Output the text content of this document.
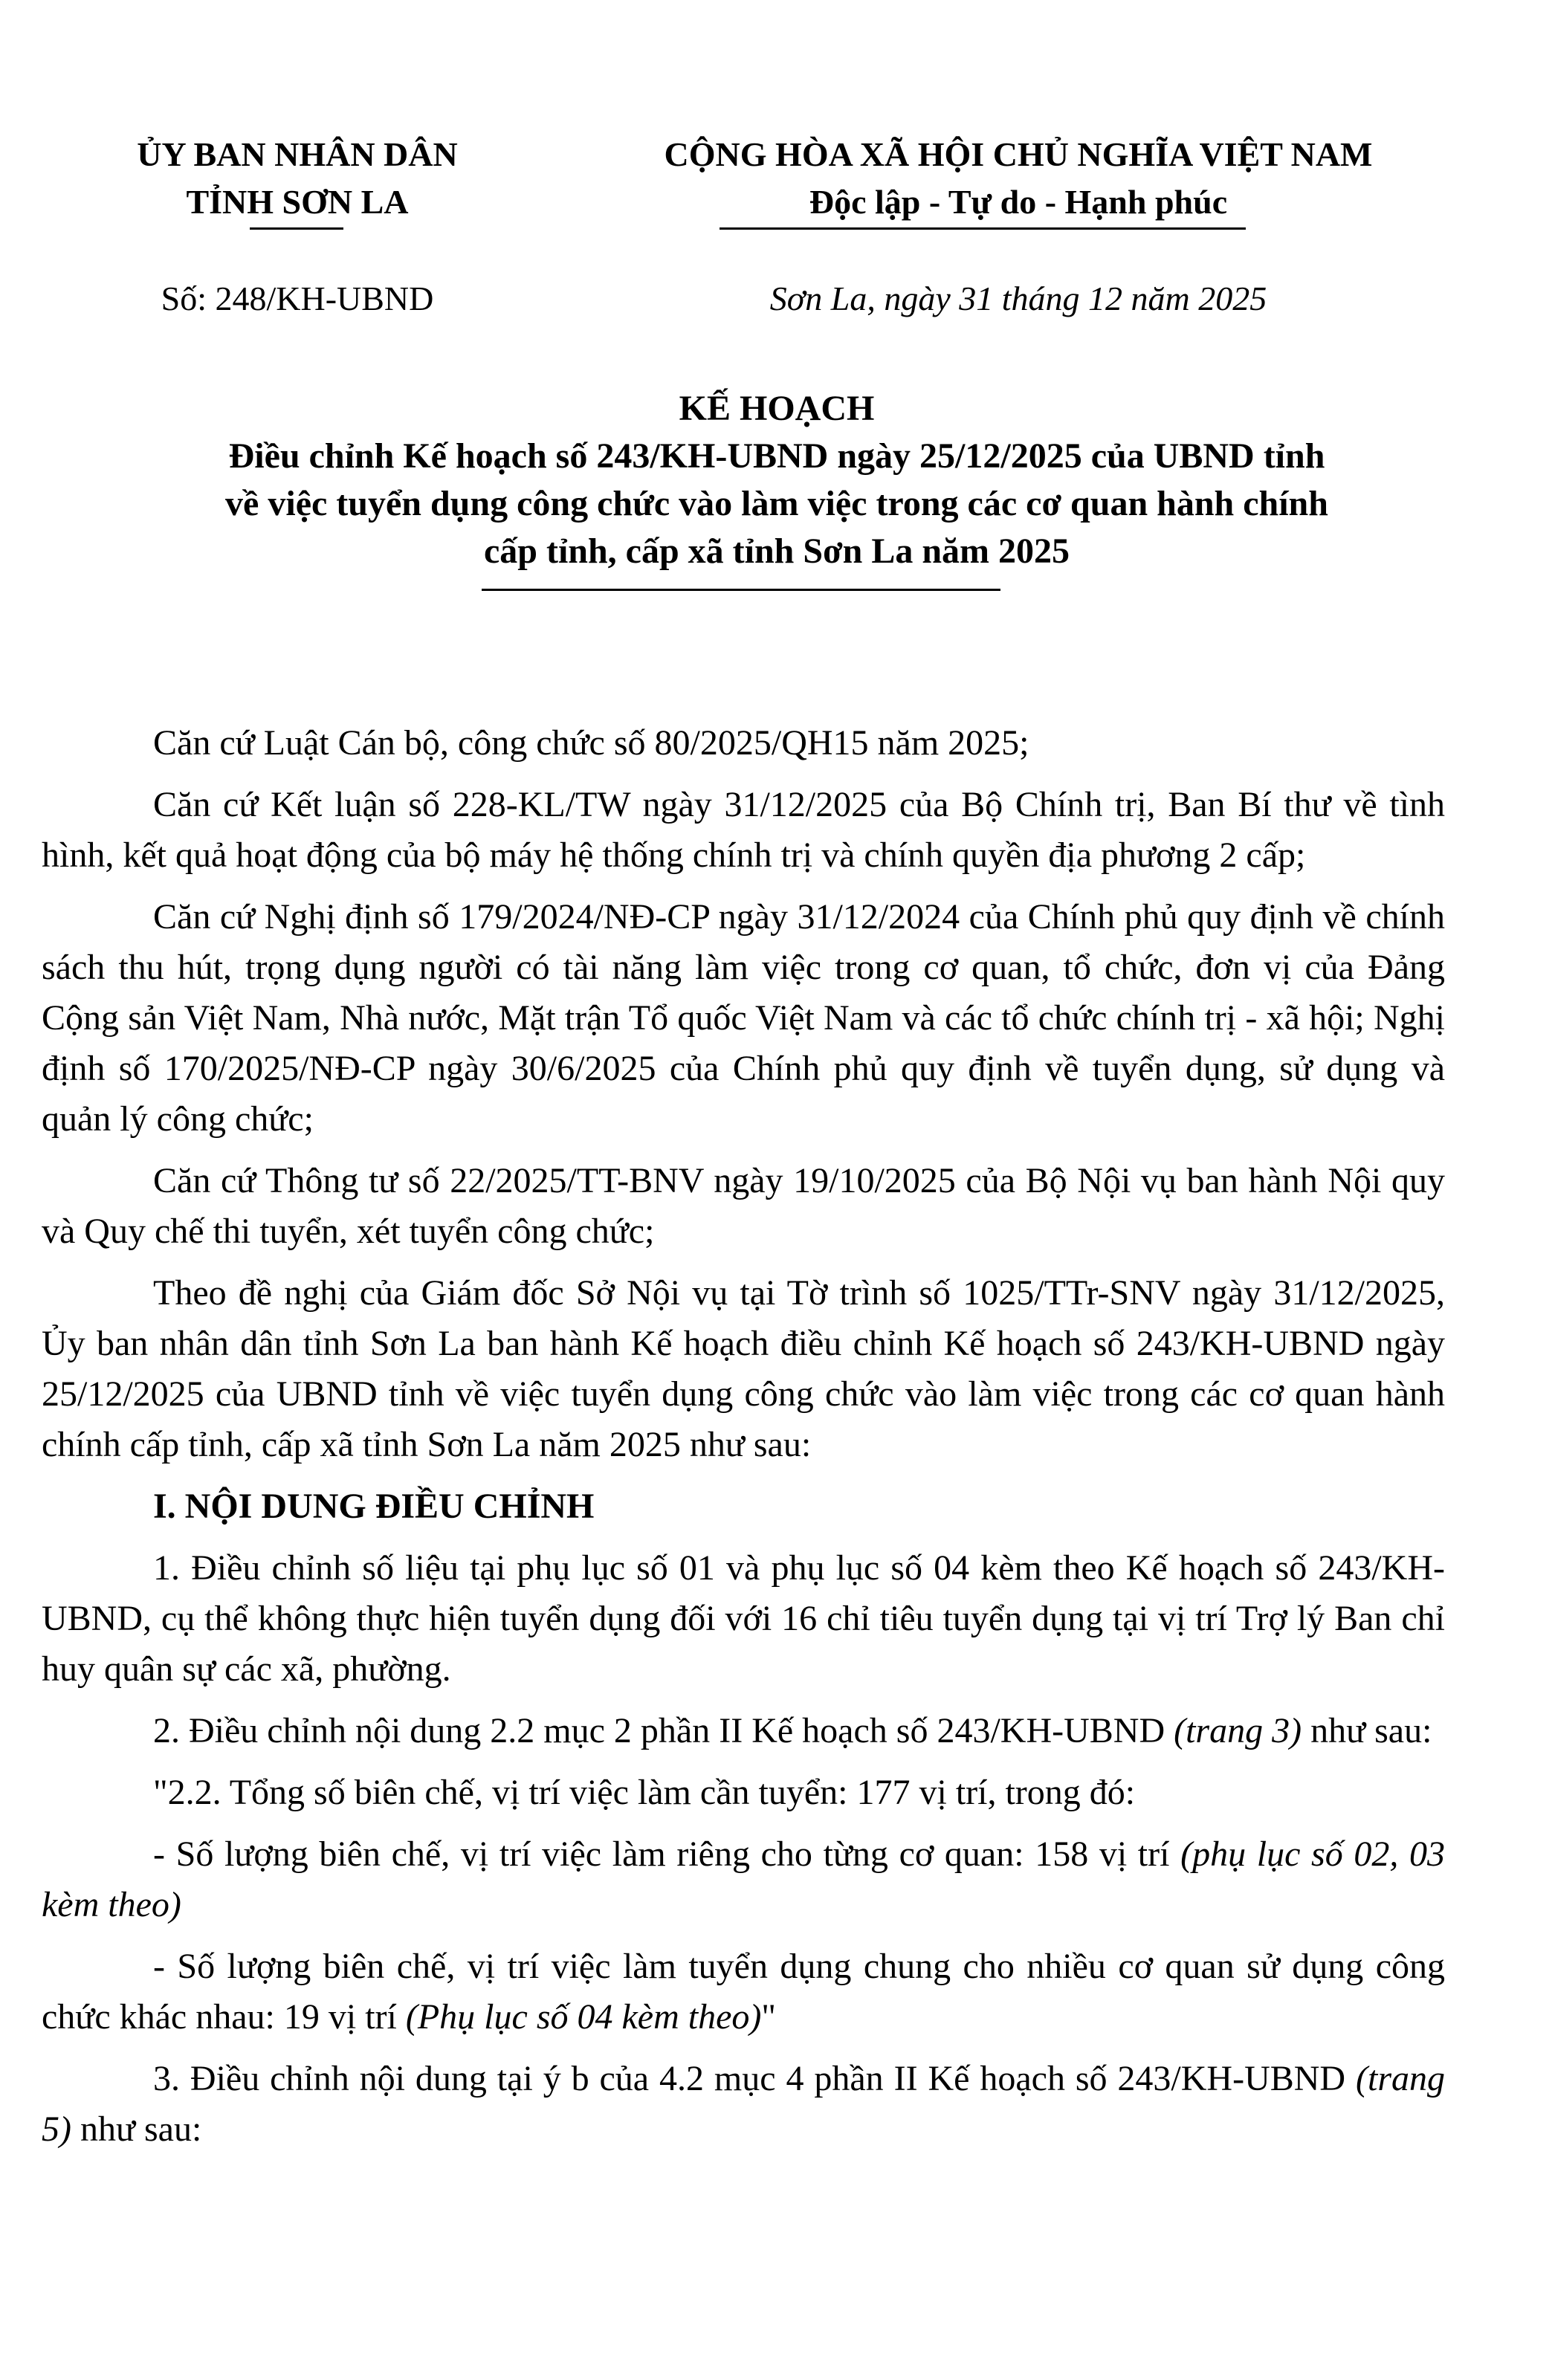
ỦY BAN NHÂN DÂN
TỈNH SƠN LA
CỘNG HÒA XÃ HỘI CHỦ NGHĨA VIỆT NAM
Độc lập - Tự do - Hạnh phúc
Số: 248/KH-UBND	Sơn La, ngày 31 tháng 12 năm 2025
KẾ HOẠCH
Điều chỉnh Kế hoạch số 243/KH-UBND ngày 25/12/2025 của UBND tỉnh
về việc tuyển dụng công chức vào làm việc trong các cơ quan hành chính
cấp tỉnh, cấp xã tỉnh Sơn La năm 2025

Căn cứ Luật Cán bộ, công chức số 80/2025/QH15 năm 2025;

Căn cứ Kết luận số 228-KL/TW ngày 31/12/2025 của Bộ Chính trị, Ban Bí thư về tình hình, kết quả hoạt động của bộ máy hệ thống chính trị và chính quyền địa phương 2 cấp;

Căn cứ Nghị định số 179/2024/NĐ-CP ngày 31/12/2024 của Chính phủ quy định về chính sách thu hút, trọng dụng người có tài năng làm việc trong cơ quan, tổ chức, đơn vị của Đảng Cộng sản Việt Nam, Nhà nước, Mặt trận Tổ quốc Việt Nam và các tổ chức chính trị - xã hội; Nghị định số 170/2025/NĐ-CP ngày 30/6/2025 của Chính phủ quy định về tuyển dụng, sử dụng và quản lý công chức;

Căn cứ Thông tư số 22/2025/TT-BNV ngày 19/10/2025 của Bộ Nội vụ ban hành Nội quy và Quy chế thi tuyển, xét tuyển công chức;

Theo đề nghị của Giám đốc Sở Nội vụ tại Tờ trình số 1025/TTr-SNV ngày 31/12/2025, Ủy ban nhân dân tỉnh Sơn La ban hành Kế hoạch điều chỉnh Kế hoạch số 243/KH-UBND ngày 25/12/2025 của UBND tỉnh về việc tuyển dụng công chức vào làm việc trong các cơ quan hành chính cấp tỉnh, cấp xã tỉnh Sơn La năm 2025 như sau:

I. NỘI DUNG ĐIỀU CHỈNH

1. Điều chỉnh số liệu tại phụ lục số 01 và phụ lục số 04 kèm theo Kế hoạch số 243/KH-UBND, cụ thể không thực hiện tuyển dụng đối với 16 chỉ tiêu tuyển dụng tại vị trí Trợ lý Ban chỉ huy quân sự các xã, phường.

2. Điều chỉnh nội dung 2.2 mục 2 phần II Kế hoạch số 243/KH-UBND (trang 3) như sau:

"2.2. Tổng số biên chế, vị trí việc làm cần tuyển: 177 vị trí, trong đó:

- Số lượng biên chế, vị trí việc làm riêng cho từng cơ quan: 158 vị trí (phụ lục số 02, 03 kèm theo)

- Số lượng biên chế, vị trí việc làm tuyển dụng chung cho nhiều cơ quan sử dụng công chức khác nhau: 19 vị trí (Phụ lục số 04 kèm theo)"

3. Điều chỉnh nội dung tại ý b của 4.2 mục 4 phần II Kế hoạch số 243/KH-UBND (trang 5) như sau:
